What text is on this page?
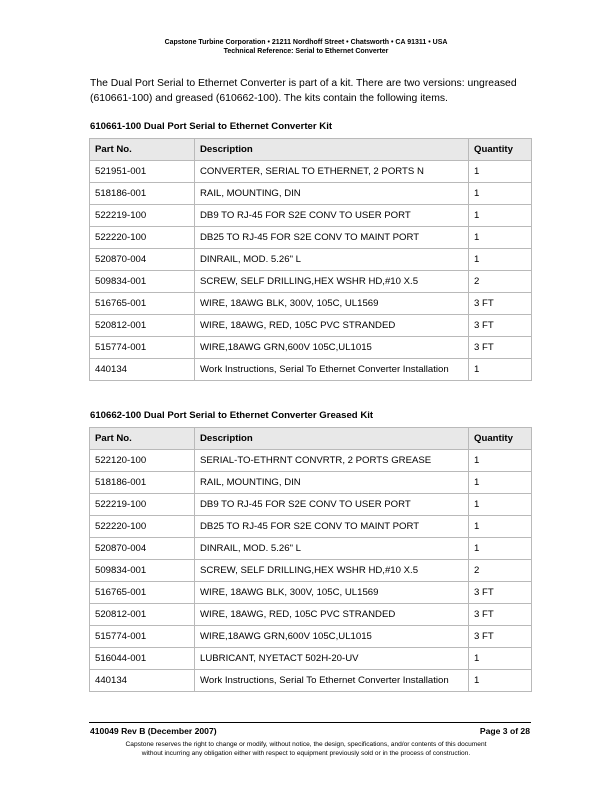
Capstone Turbine Corporation • 21211 Nordhoff Street • Chatsworth • CA 91311 • USA
Technical Reference: Serial to Ethernet Converter
The Dual Port Serial to Ethernet Converter is part of a kit. There are two versions: ungreased (610661-100) and greased (610662-100). The kits contain the following items.
610661-100 Dual Port Serial to Ethernet Converter Kit
Part No.	Description	Quantity
521951-001	CONVERTER, SERIAL TO ETHERNET, 2 PORTS N	1
518186-001	RAIL, MOUNTING, DIN	1
522219-100	DB9 TO RJ-45 FOR S2E CONV TO USER PORT	1
522220-100	DB25 TO RJ-45 FOR S2E CONV TO MAINT PORT	1
520870-004	DINRAIL, MOD. 5.26" L	1
509834-001	SCREW, SELF DRILLING,HEX WSHR HD,#10 X.5	2
516765-001	WIRE, 18AWG BLK, 300V, 105C, UL1569	3 FT
520812-001	WIRE, 18AWG, RED, 105C PVC STRANDED	3 FT
515774-001	WIRE,18AWG GRN,600V 105C,UL1015	3 FT
440134	Work Instructions, Serial To Ethernet Converter Installation	1
610662-100 Dual Port Serial to Ethernet Converter Greased Kit
Part No.	Description	Quantity
522120-100	SERIAL-TO-ETHRNT CONVRTR, 2 PORTS GREASE	1
518186-001	RAIL, MOUNTING, DIN	1
522219-100	DB9 TO RJ-45 FOR S2E CONV TO USER PORT	1
522220-100	DB25 TO RJ-45 FOR S2E CONV TO MAINT PORT	1
520870-004	DINRAIL, MOD. 5.26" L	1
509834-001	SCREW, SELF DRILLING,HEX WSHR HD,#10 X.5	2
516765-001	WIRE, 18AWG BLK, 300V, 105C, UL1569	3 FT
520812-001	WIRE, 18AWG, RED, 105C PVC STRANDED	3 FT
515774-001	WIRE,18AWG GRN,600V 105C,UL1015	3 FT
516044-001	LUBRICANT, NYETACT 502H-20-UV	1
440134	Work Instructions, Serial To Ethernet Converter Installation	1
410049 Rev B (December 2007)	Page 3 of 28
Capstone reserves the right to change or modify, without notice, the design, specifications, and/or contents of this document
without incurring any obligation either with respect to equipment previously sold or in the process of construction.
